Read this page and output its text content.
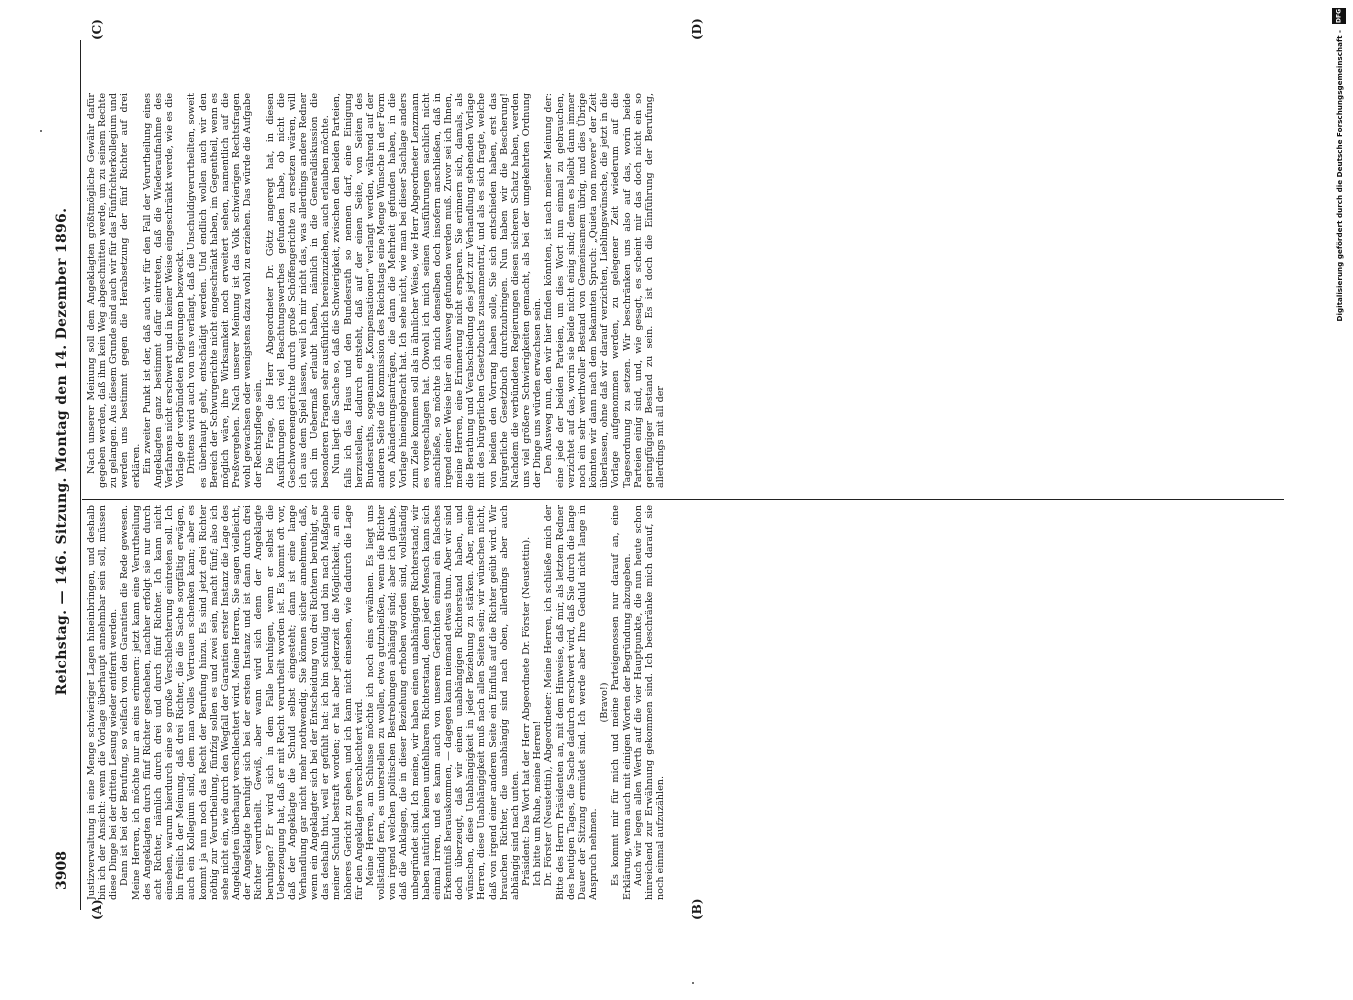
3908
Reichstag. — 146. Sitzung. Montag den 14. Dezember 1896.
(A)	(B)
(C)	(D)

Justizverwaltung in eine Menge schwieriger Lagen hineinbringen, und deshalb bin ich der Ansicht: wenn die Vorlage überhaupt annehmbar sein soll, müssen diese Dinge bei der dritten Lesung wieder entfernt werden. Dann ist bei der Berufung, so vielfach von den Garantien die Rede gewesen. Meine Herren, ich möchte nur an eins erinnern: jetzt kann eine Verurtheilung des Angeklagten durch fünf Richter geschehen, nachher erfolgt sie nur durch acht Richter, nämlich durch drei und durch fünf Richter. Ich kann nicht einsehen, warum hierdurch eine so große Verschlechterung eintreten soll. Ich bin freilich der Meinung, daß drei Richter, die die Sache sorgfältig erwägen, auch ein Kollegium sind, dem man volles Vertrauen schenken kann; aber es kommt ja nun noch das Recht der Berufung hinzu. Es sind jetzt drei Richter nöthig zur Verurtheilung, fünfzig sollen es und zwei sein, macht fünf; also ich sehe nicht ein, wie durch den Wegfall der Garantien erster Instanz die Lage des Angeklagten überhaupt verschlechtert wird. Meine Herren, Sie sagen vielleicht, der Angeklagte beruhigt sich bei der ersten Instanz und ist dann durch drei Richter verurtheilt. Gewiß, aber wann wird sich denn der Angeklagte beruhigen? Er wird sich in dem Falle beruhigen, wenn er selbst die Ueberzeugung hat, daß er mit Recht verurtheilt worden ist. Es kommt oft vor, daß der Angeklagte die Schuld selbst eingesteht; dann ist eine lange Verhandlung gar nicht mehr nothwendig. Sie können sicher annehmen, daß, wenn ein Angeklagter sich bei der Entscheidung von drei Richtern beruhigt, er das deshalb thut, weil er gefühlt hat: ich bin schuldig und bin nach Maßgabe meiner Schuld bestraft worden; er hat aber jederzeit die Möglichkeit, an ein höheres Gericht zu gehen, und ich kann nicht einsehen, wie dadurch die Lage für den Angeklagten verschlechtert wird. Meine Herren, am Schlusse möchte ich noch eins erwähnen. Es liegt uns vollständig fern, es unterstellen zu wollen, etwa gutzuheißen, wenn die Richter von irgend welchen politischen Bestrebungen abhängig sind; aber ich glaube, daß die Anklagen, die in dieser Beziehung erhoben worden sind, vollständig unbegründet sind. Ich meine, wir haben einen unabhängigen Richterstand; wir haben natürlich keinen unfehlbaren Richterstand, denn jeder Mensch kann sich einmal irren, und es kann auch von unseren Gerichten einmal ein falsches Erkenntniß herauskommen, — dagegen kann niemand etwas thun. Aber wir sind doch überzeugt, daß wir einen unabhängigen Richterstand haben, und wünschen, diese Unabhängigkeit in jeder Beziehung zu stärken. Aber, meine Herren, diese Unabhängigkeit muß nach allen Seiten sein; wir wünschen nicht, daß von irgend einer anderen Seite ein Einfluß auf die Richter geübt wird. Wir brauchen Richter, die unabhängig sind nach oben, allerdings aber auch abhängig sind nach unten. Präsident: Das Wort hat der Herr Abgeordnete Dr. Förster (Neustettin). Ich bitte um Ruhe, meine Herren! Dr. Förster (Neustettin), Abgeordneter: Meine Herren, ich schließe mich der Bitte des Herrn Präsidenten an, mit dem Hinweise, daß mir, als letztem Redner des heutigen Tages, die Sache dadurch erschwert wird, daß Sie durch die lange Dauer der Sitzung ermüdet sind. Ich werde aber Ihre Geduld nicht lange in Anspruch nehmen.

(Bravo!) Es kommt mir für mich und meine Parteigenossen nur darauf an, eine Erklärung, wenn auch mit einigen Worten der Begründung abzugeben. Auch wir legen allen Werth auf die vier Hauptpunkte, die nun heute schon hinreichend zur Erwähnung gekommen sind. Ich beschränke mich darauf, sie noch einmal aufzuzählen.

Nach unserer Meinung soll dem Angeklagten größtmögliche Gewähr dafür gegeben werden, daß ihm kein Weg abgeschnitten werde, um zu seinem Rechte zu gelangen. Aus diesem Grunde sind auch wir für das Fünfrichterkollegium und werden uns bestimmt gegen die Herabsetzung der fünf Richter auf drei erklären. Ein zweiter Punkt ist der, daß auch wir für den Fall der Verurtheilung eines Angeklagten ganz bestimmt dafür eintreten, daß die Wiederaufnahme des Verfahrens nicht erschwert und in keiner Weise eingeschränkt werde, wie es die Vorlage der verbündeten Regierungen bezweckt. Drittens wird auch von uns verlangt, daß die Unschuldigverurtheilten, soweit es überhaupt geht, entschädigt werden. Und endlich wollen auch wir den Bereich der Schwurgerichte nicht eingeschränkt haben, im Gegentheil, wenn es möglich wäre, ihre Wirksamkeit noch erweitert sehen, namentlich auf die Preßvergehen. Nach unserer Meinung ist das Volk schwierigen Rechtsfragen wohl gewachsen oder wenigstens dazu wohl zu erziehen. Das würde die Aufgabe der Rechtspflege sein. Die Frage, die Herr Abgeordneter Dr. Göttz angeregt hat, in diesen Ausführungen ich viel Beachtungswerthes gefunden habe, ob nicht die Geschworenengerichte durch große Schöffengerichte zu ersetzen wären, will ich aus dem Spiel lassen, weil ich mir nicht das, was allerdings andere Redner sich im Uebermaß erlaubt haben, nämlich in die Generaldiskussion die besonderen Fragen sehr ausführlich hereinzuziehen, auch erlauben möchte. Nun liegt die Sache so, daß die Schwierigkeit, zwischen den beiden Parteien, falls ich das Haus und den Bundesrath so nennen darf, eine Einigung herzustellen, dadurch entsteht, daß auf der einen Seite, von Seiten des Bundesraths, sogenannte „Kompensationen“ verlangt werden, während auf der anderen Seite die Kommission des Reichstags eine Menge Wünsche in der Form von Abänderungsanträgen, die dann die Mehrheit gefunden haben, in die Vorlage hineingebracht hat. Ich sehe nicht, wie man bei dieser Sachlage anders zum Ziele kommen soll als in ähnlicher Weise, wie Herr Abgeordneter Lenzmann es vorgeschlagen hat. Obwohl ich mich seinen Ausführungen sachlich nicht anschließe, so möchte ich mich denselben doch insofern anschließen, daß in irgend einer Weise hier ein Ausweg gefunden werden muß. Zuvor sei ich Ihnen, meine Herren, eine Erinnerung nicht ersparen. Sie erinnern sich, damals, als die Berathung und Verabschiedung des jetzt zur Verhandlung stehenden Vorlage mit des bürgerlichen Gesetzbuchs zusammentraf, und als es sich fragte, welche von beiden den Vorrang haben solle, Sie sich entschieden haben, erst das bürgerliche Gesetzbuch durchzubringen. Nun haben wir die Bescherung! Nachdem die verbündeten Regierungen diesen sicheren Schatz haben, werden uns viel größere Schwierigkeiten gemacht, als bei der umgekehrten Ordnung der Dinge uns würden erwachsen sein. Den Ausweg nun, den wir hier finden könnten, ist nach meiner Meinung der: eine jede der beiden Parteien, um dies Wort nun einmal zu gebrauchen, verzichtet auf das, worin sie beide nicht einig sind; denn es bleibt dann immer noch ein sehr werthvoller Bestand von Gemeinsamem übrig, und dies Übrige könnten wir dann nach dem bekannten Spruch: „Quieta non movere“ der Zeit überlassen, ohne daß wir darauf verzichten, Lieblingswünsche, die jetzt in die Vorlage aufgenommen werden, zu gelegener Zeit wiederum auf die Tagesordnung zu setzen. Wir beschränken uns also auf das, worin beide Parteien einig sind, und, wie gesagt, es scheint mir das doch nicht ein so geringfügiger Bestand zu sein. Es ist doch die Einführung der Berufung, allerdings mit all der

DFG
Digitalisierung gefördert durch die Deutsche Forschungsgemeinschaft -
